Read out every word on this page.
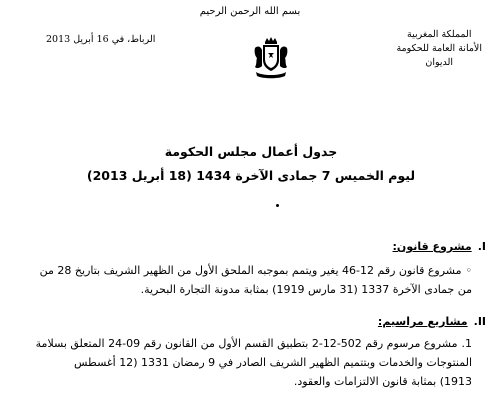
بسم الله الرحمن الرحيم
الرباط، في 16 أبريل 2013	المملكة المغربية
الأمانة العامة للحكومة
الديوان
جدول أعمال مجلس الحكومة
ليوم الخميس 7 جمادى الآخرة 1434 (18 أبريل 2013)
I.مشروع قانون:
◦مشروع قانون رقم 12-46 يغير ويتمم بموجبه الملحق الأول من الظهير الشريف بتاريخ 28 من
من جمادى الآخرة 1337 (31 مارس 1919) بمثابة مدونة التجارة البحرية.
II.مشاريع مراسيم:
1.مشروع مرسوم رقم 502-12-2 بتطبيق القسم الأول من القانون رقم 09-24 المتعلق بسلامة
المنتوجات والخدمات وبتتميم الظهير الشريف الصادر في 9 رمضان 1331 (12 أغسطس
1913) بمثابة قانون الالتزامات والعقود.
